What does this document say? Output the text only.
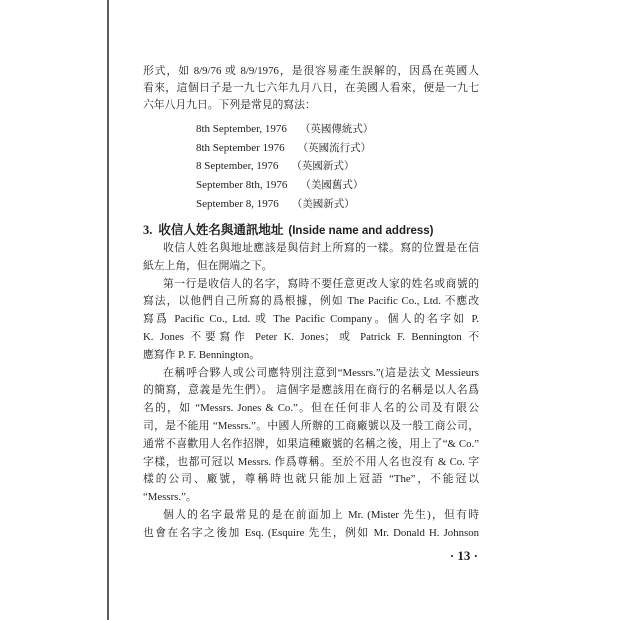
形式，如 8/9/76 或 8/9/1976，是很容易產生誤解的，因爲在英國人
看來，這個日子是一九七六年九月八日，在美國人看來，便是一九七
六年八月九日。下列是常見的寫法：
8th September, 1976 （英國傳統式）
8th September 1976 （英國流行式）
8 September, 1976 （英國新式）
September 8th, 1976 （美國舊式）
September 8, 1976 （美國新式）
3. 收信人姓名與通訊地址 (Inside name and address)
收信人姓名與地址應該是與信封上所寫的一樣。寫的位置是在信
紙左上角，但在開端之下。
第一行是收信人的名字，寫時不要任意更改人家的姓名或商號的
寫法，以他們自己所寫的爲根據，例如 The Pacific Co., Ltd. 不應改
寫爲 Pacific Co., Ltd. 或 The Pacific Company。個人的名字如 P.
K. Jones 不要寫作 Peter K. Jones；或 Patrick F. Bennington 不
應寫作 P. F. Bennington。
在稱呼合夥人或公司應特別注意到“Messrs.”(這是法文 Messieurs
的簡寫，意義是先生們）。 這個字是應該用在商行的名稱是以人名爲
名的，如 “Messrs. Jones & Co.”。但在任何非人名的公司及有限公
司，是不能用 “Messrs.”。中國人所辦的工商廠號以及一般工商公司，
通常不喜歡用人名作招牌，如果這種廠號的名稱之後，用上了“& Co.”
字樣，也都可冠以 Messrs. 作爲尊稱。至於不用人名也沒有 & Co. 字
樣的公司、廠號，尊稱時也就只能加上冠語 “The”，不能冠以
“Messrs.”。
個人的名字最常見的是在前面加上 Mr. (Mister 先生)，但有時
也會在名字之後加 Esq. (Esquire 先生，例如 Mr. Donald H. Johnson
· 13 ·
